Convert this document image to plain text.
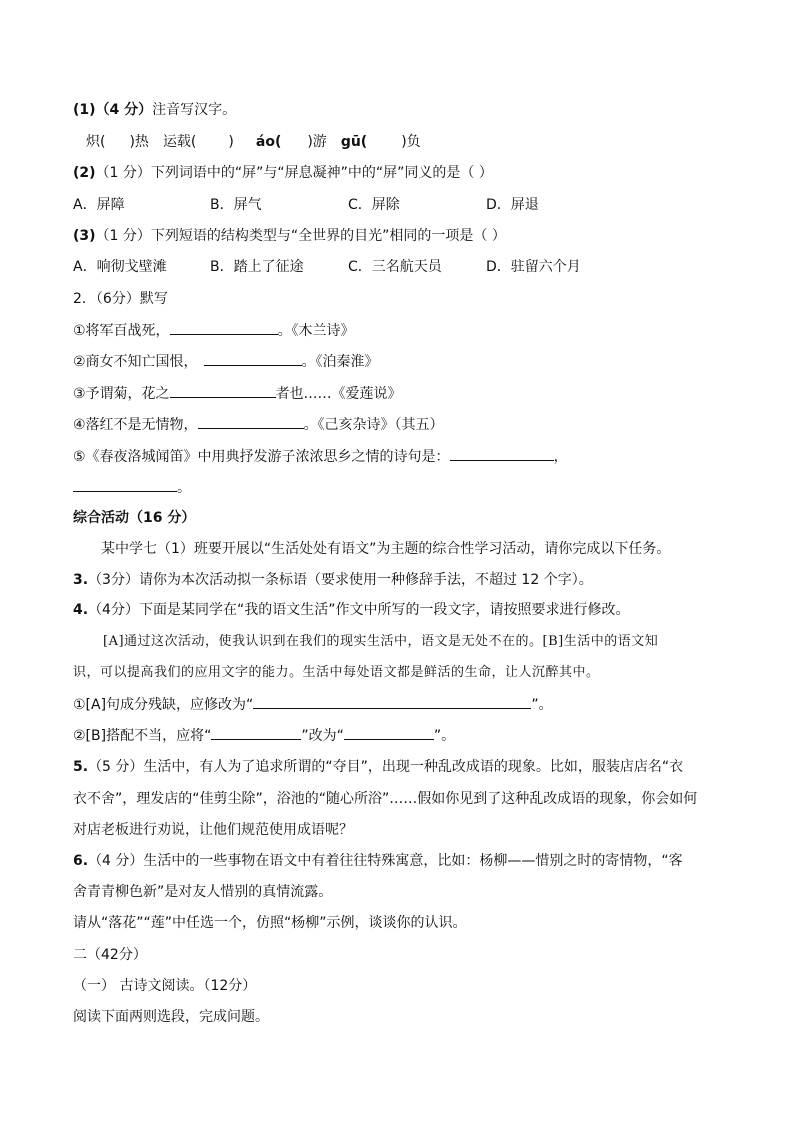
(1)（4 分）注音写汉字。
炽( )热 运载( ) áo( )游 gū( )负
(2)（1 分）下列词语中的“屏”与“屏息凝神”中的“屏”同义的是（ ）
A．屏障	B．屏气	C．屏除	D．屏退
(3)（1 分）下列短语的结构类型与“全世界的目光”相同的一项是（ ）
A．响彻戈壁滩	B．踏上了征途	C．三名航天员	D．驻留六个月
2．（6分）默写
①将军百战死，	。《木兰诗》
②商女不知亡国恨，	。《泊秦淮》
③予谓菊，花之	者也……《爱莲说》
④落红不是无情物，	。《己亥杂诗》（其五）
⑤《春夜洛城闻笛》中用典抒发游子浓浓思乡之情的诗句是：	，
。
综合活动（16 分）
某中学七（1）班要开展以“生活处处有语文”为主题的综合性学习活动，请你完成以下任务。
3.（3分）请你为本次活动拟一条标语（要求使用一种修辞手法，不超过 12 个字）。
4.（4分）下面是某同学在“我的语文生活”作文中所写的一段文字，请按照要求进行修改。
[A]通过这次活动，使我认识到在我们的现实生活中，语文是无处不在的。[B]生活中的语文知
识，可以提高我们的应用文字的能力。生活中每处语文都是鲜活的生命，让人沉醉其中。
①[A]句成分残缺，应修改为“	”。
②[B]搭配不当，应将“	”改为“	”。
5.（5 分）生活中，有人为了追求所谓的“夺目”，出现一种乱改成语的现象。比如，服装店店名“衣
衣不舍”，理发店的“佳剪尘除”，浴池的“随心所浴”……假如你见到了这种乱改成语的现象，你会如何
对店老板进行劝说，让他们规范使用成语呢？
6.（4 分）生活中的一些事物在语文中有着往往特殊寓意，比如：杨柳——惜别之时的寄情物，“客
舍青青柳色新”是对友人惜别的真情流露。
请从“落花”“莲”中任选一个，仿照“杨柳”示例，谈谈你的认识。
二（42分）
（一） 古诗文阅读。（12分）
阅读下面两则选段，完成问题。
